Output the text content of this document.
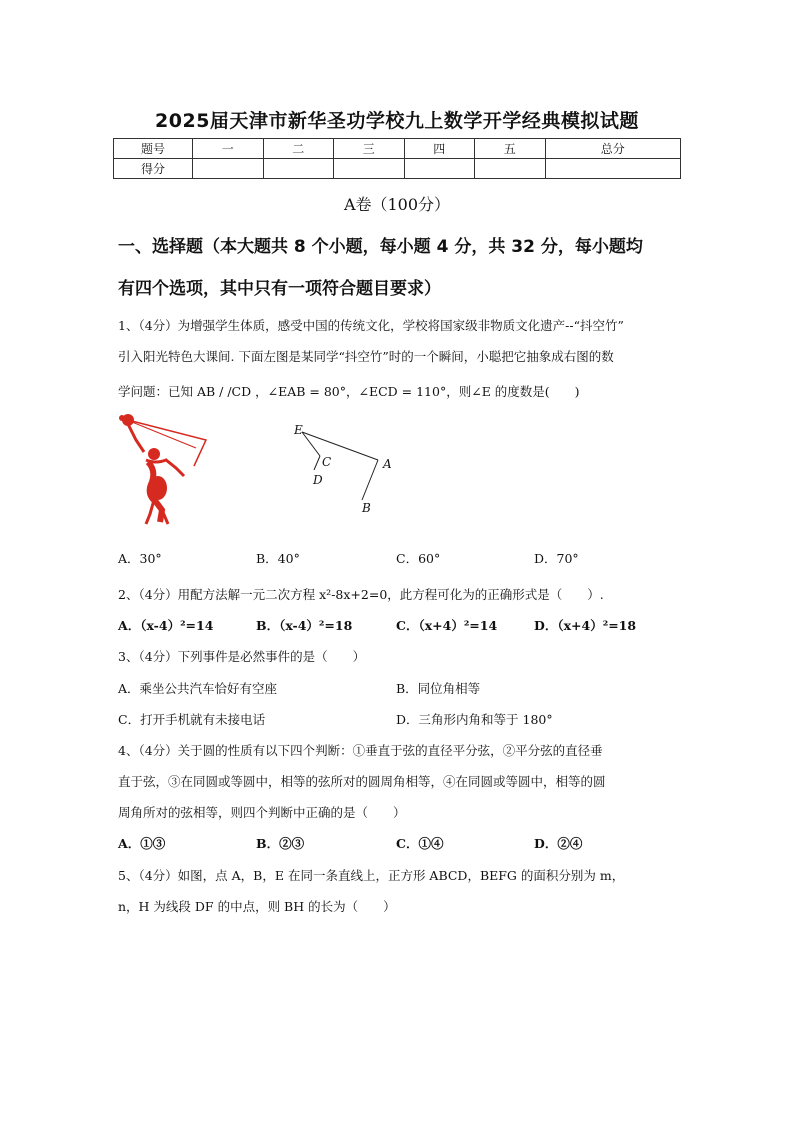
2025届天津市新华圣功学校九上数学开学经典模拟试题
题号	一	二	三	四	五	总分
得分						
A卷（100分）
一、选择题（本大题共 8 个小题，每小题 4 分，共 32 分，每小题均
有四个选项，其中只有一项符合题目要求）
1、（4分）为增强学生体质，感受中国的传统文化，学校将国家级非物质文化遗产--“抖空竹”
引入阳光特色大课间. 下面左图是某同学“抖空竹”时的一个瞬间，小聪把它抽象成右图的数
学问题：已知 AB / /CD ，∠EAB = 80°，∠ECD = 110°，则∠E 的度数是(　　)
E
C
D
A
B
A．30°	B．40°	C．60°	D．70°
2、（4分）用配方法解一元二次方程 x²-8x+2=0，此方程可化为的正确形式是（　　）.
A．（x-4）²=14	B．（x-4）²=18	C．（x+4）²=14	D．（x+4）²=18
3、（4分）下列事件是必然事件的是（　　）
A．乘坐公共汽车恰好有空座	B．同位角相等
C．打开手机就有未接电话	D．三角形内角和等于 180°
4、（4分）关于圆的性质有以下四个判断：①垂直于弦的直径平分弦，②平分弦的直径垂
直于弦，③在同圆或等圆中，相等的弦所对的圆周角相等，④在同圆或等圆中，相等的圆
周角所对的弦相等，则四个判断中正确的是（　　）
A．①③	B．②③	C．①④	D．②④
5、（4分）如图，点 A，B，E 在同一条直线上，正方形 ABCD，BEFG 的面积分别为 m，
n，H 为线段 DF 的中点，则 BH 的长为（　　）
